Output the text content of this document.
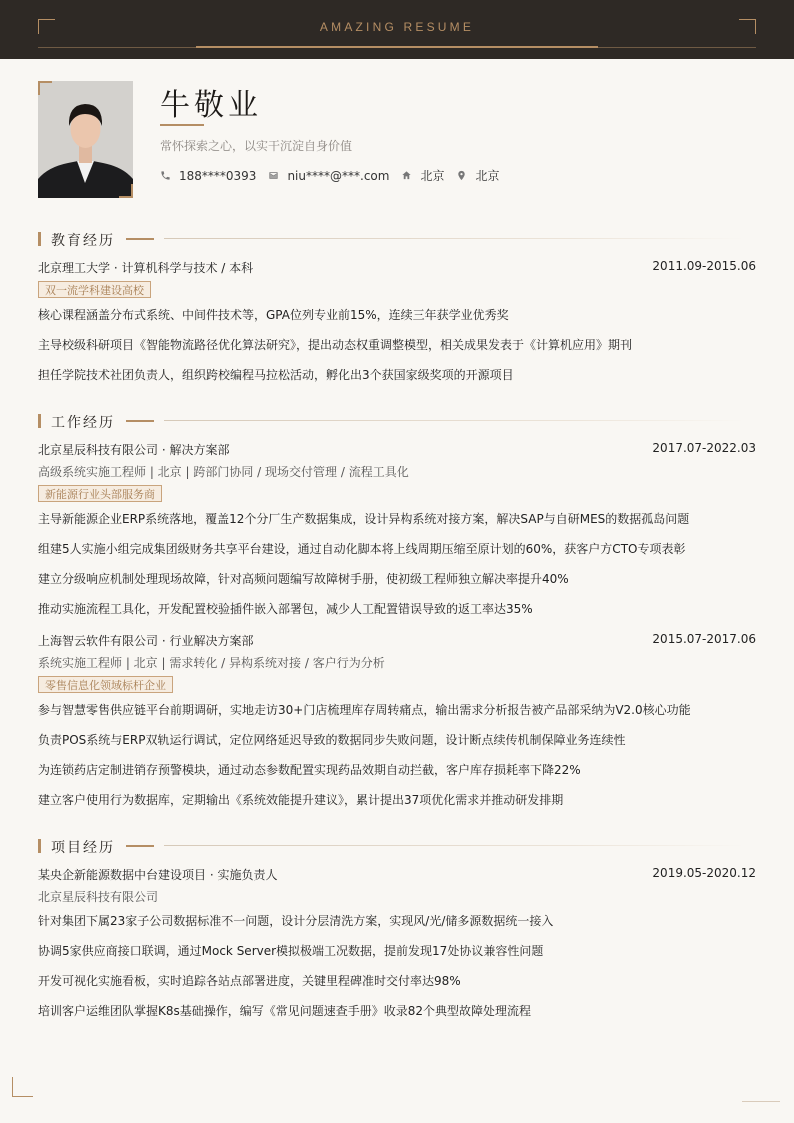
AMAZING RESUME
牛敬业
常怀探索之心，以实干沉淀自身价值
188****0393	niu****@***.com	北京	北京
教育经历
北京理工大学 · 计算机科学与技术 / 本科	2011.09-2015.06
双一流学科建设高校
核心课程涵盖分布式系统、中间件技术等，GPA位列专业前15%，连续三年获学业优秀奖
主导校级科研项目《智能物流路径优化算法研究》，提出动态权重调整模型，相关成果发表于《计算机应用》期刊
担任学院技术社团负责人，组织跨校编程马拉松活动，孵化出3个获国家级奖项的开源项目
工作经历
北京星辰科技有限公司 · 解决方案部	2017.07-2022.03
高级系统实施工程师 | 北京 | 跨部门协同 / 现场交付管理 / 流程工具化
新能源行业头部服务商
主导新能源企业ERP系统落地，覆盖12个分厂生产数据集成，设计异构系统对接方案，解决SAP与自研MES的数据孤岛问题
组建5人实施小组完成集团级财务共享平台建设，通过自动化脚本将上线周期压缩至原计划的60%，获客户方CTO专项表彰
建立分级响应机制处理现场故障，针对高频问题编写故障树手册，使初级工程师独立解决率提升40%
推动实施流程工具化，开发配置校验插件嵌入部署包，减少人工配置错误导致的返工率达35%
上海智云软件有限公司 · 行业解决方案部	2015.07-2017.06
系统实施工程师 | 北京 | 需求转化 / 异构系统对接 / 客户行为分析
零售信息化领域标杆企业
参与智慧零售供应链平台前期调研，实地走访30+门店梳理库存周转痛点，输出需求分析报告被产品部采纳为V2.0核心功能
负责POS系统与ERP双轨运行调试，定位网络延迟导致的数据同步失败问题，设计断点续传机制保障业务连续性
为连锁药店定制进销存预警模块，通过动态参数配置实现药品效期自动拦截，客户库存损耗率下降22%
建立客户使用行为数据库，定期输出《系统效能提升建议》，累计提出37项优化需求并推动研发排期
项目经历
某央企新能源数据中台建设项目 · 实施负责人	2019.05-2020.12
北京星辰科技有限公司
针对集团下属23家子公司数据标准不一问题，设计分层清洗方案，实现风/光/储多源数据统一接入
协调5家供应商接口联调，通过Mock Server模拟极端工况数据，提前发现17处协议兼容性问题
开发可视化实施看板，实时追踪各站点部署进度，关键里程碑准时交付率达98%
培训客户运维团队掌握K8s基础操作，编写《常见问题速查手册》收录82个典型故障处理流程
